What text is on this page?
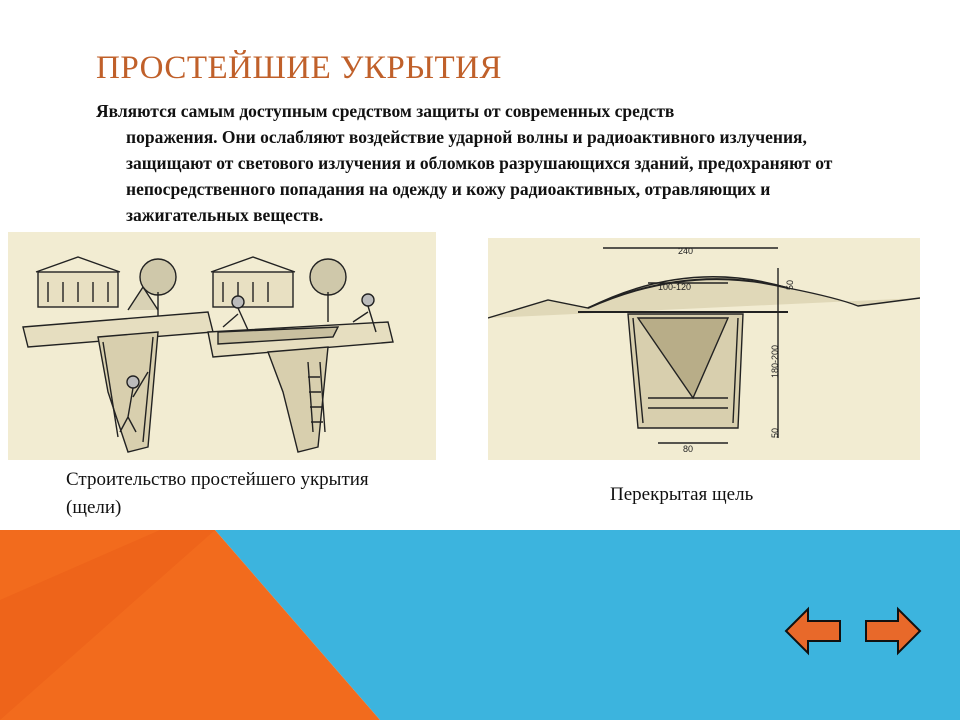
ПРОСТЕЙШИЕ УКРЫТИЯ
Являются самым доступным средством защиты от современных средств
поражения. Они ослабляют воздействие ударной волны и радиоактивного излучения, защищают от светового излучения и обломков разрушающихся зданий, предохраняют от непосредственного попадания на одежду и кожу радиоактивных, отравляющих и зажигательных веществ.
240
100-120	50
180-200
50
80
Строительство простейшего укрытия (щели)
Перекрытая щель
